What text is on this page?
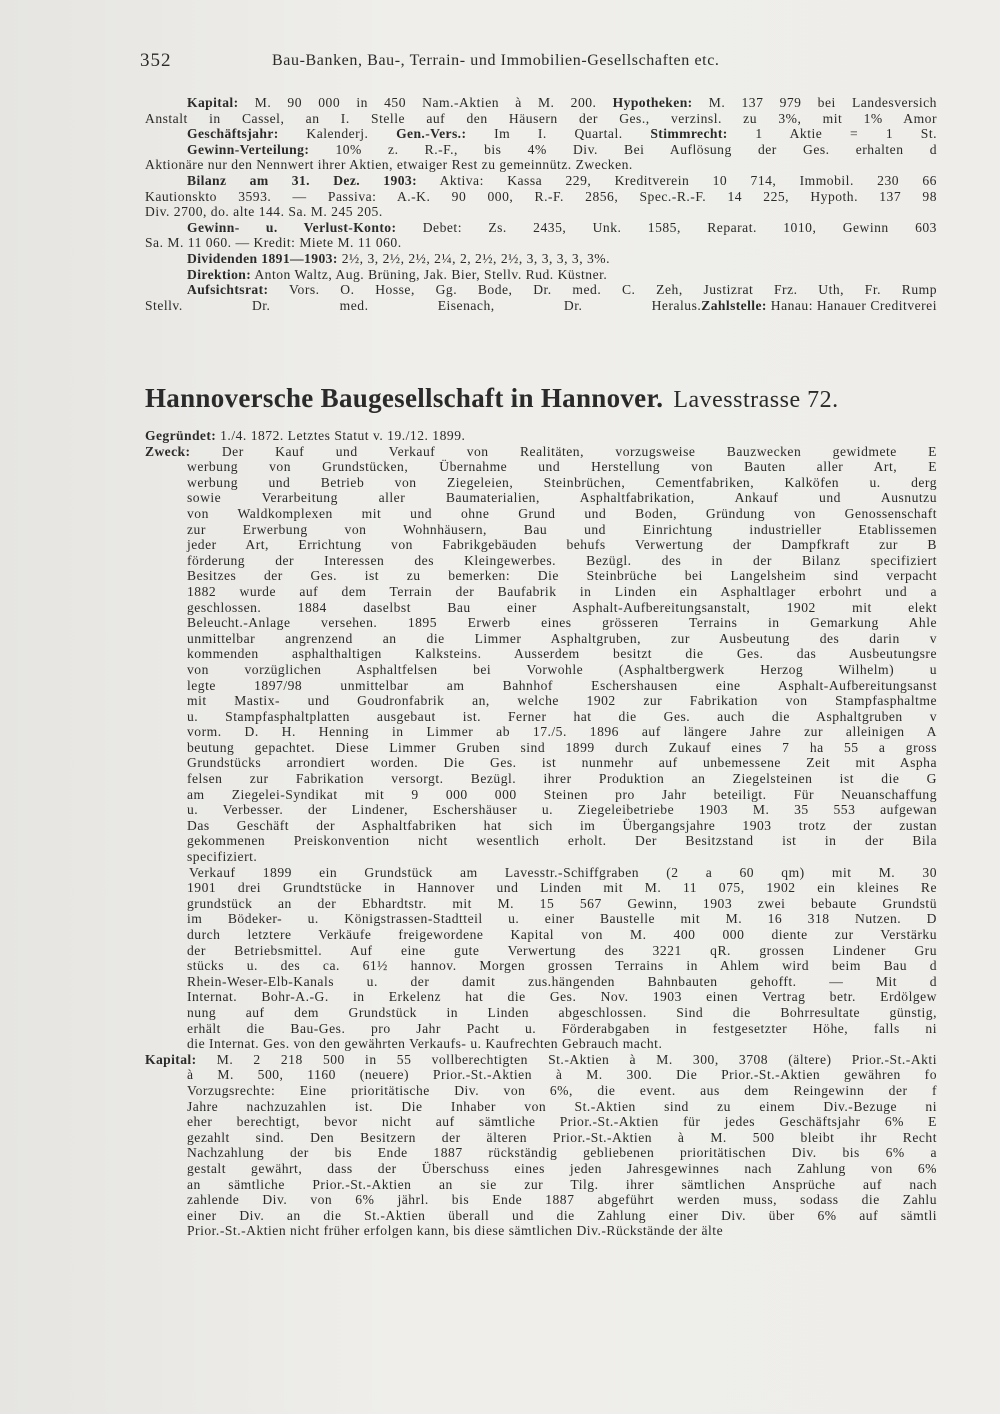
352	Bau-Banken, Bau-, Terrain- und Immobilien-Gesellschaften etc.
Kapital: M. 90 000 in 450 Nam.-Aktien à M. 200. Hypotheken: M. 137 979 bei Landesversich
Anstalt in Cassel, an I. Stelle auf den Häusern der Ges., verzinsl. zu 3%, mit 1% Amor
Geschäftsjahr: Kalenderj. Gen.-Vers.: Im I. Quartal. Stimmrecht: 1 Aktie = 1 St.
Gewinn-Verteilung: 10% z. R.-F., bis 4% Div. Bei Auflösung der Ges. erhalten d
Aktionäre nur den Nennwert ihrer Aktien, etwaiger Rest zu gemeinnütz. Zwecken.
Bilanz am 31. Dez. 1903: Aktiva: Kassa 229, Kreditverein 10 714, Immobil. 230 66
Kautionskto 3593. — Passiva: A.-K. 90 000, R.-F. 2856, Spec.-R.-F. 14 225, Hypoth. 137 98
Div. 2700, do. alte 144. Sa. M. 245 205.
Gewinn- u. Verlust-Konto: Debet: Zs. 2435, Unk. 1585, Reparat. 1010, Gewinn 603
Sa. M. 11 060. — Kredit: Miete M. 11 060.
Dividenden 1891—1903: 2½, 3, 2½, 2½, 2¼, 2, 2½, 2½, 3, 3, 3, 3, 3%.
Direktion: Anton Waltz, Aug. Brüning, Jak. Bier, Stellv. Rud. Küstner.
Aufsichtsrat: Vors. O. Hosse, Gg. Bode, Dr. med. C. Zeh, Justizrat Frz. Uth, Fr. Rump
Stellv. Dr. med. Eisenach, Dr. Heralus. Zahlstelle: Hanau: Hanauer Creditverei
Hannoversche Baugesellschaft in Hannover. Lavesstrasse 72.
Gegründet: 1./4. 1872. Letztes Statut v. 19./12. 1899.
Zweck: Der Kauf und Verkauf von Realitäten, vorzugsweise Bauzwecken gewidmete E
werbung von Grundstücken, Übernahme und Herstellung von Bauten aller Art, E
werbung und Betrieb von Ziegeleien, Steinbrüchen, Cementfabriken, Kalköfen u. derg
sowie Verarbeitung aller Baumaterialien, Asphaltfabrikation, Ankauf und Ausnutzu
von Waldkomplexen mit und ohne Grund und Boden, Gründung von Genossenschaft
zur Erwerbung von Wohnhäusern, Bau und Einrichtung industrieller Etablissemen
jeder Art, Errichtung von Fabrikgebäuden behufs Verwertung der Dampfkraft zur B
förderung der Interessen des Kleingewerbes. Bezügl. des in der Bilanz specifiziert
Besitzes der Ges. ist zu bemerken: Die Steinbrüche bei Langelsheim sind verpacht
1882 wurde auf dem Terrain der Baufabrik in Linden ein Asphaltlager erbohrt und a
geschlossen. 1884 daselbst Bau einer Asphalt-Aufbereitungsanstalt, 1902 mit elekt
Beleucht.-Anlage versehen. 1895 Erwerb eines grösseren Terrains in Gemarkung Ahle
unmittelbar angrenzend an die Limmer Asphaltgruben, zur Ausbeutung des darin v
kommenden asphalthaltigen Kalksteins. Ausserdem besitzt die Ges. das Ausbeutungsre
von vorzüglichen Asphaltfelsen bei Vorwohle (Asphaltbergwerk Herzog Wilhelm) u
legte 1897/98 unmittelbar am Bahnhof Eschershausen eine Asphalt-Aufbereitungsanst
mit Mastix- und Goudronfabrik an, welche 1902 zur Fabrikation von Stampfasphaltme
u. Stampfasphaltplatten ausgebaut ist. Ferner hat die Ges. auch die Asphaltgruben v
vorm. D. H. Henning in Limmer ab 17./5. 1896 auf längere Jahre zur alleinigen A
beutung gepachtet. Diese Limmer Gruben sind 1899 durch Zukauf eines 7 ha 55 a gross
Grundstücks arrondiert worden. Die Ges. ist nunmehr auf unbemessene Zeit mit Aspha
felsen zur Fabrikation versorgt. Bezügl. ihrer Produktion an Ziegelsteinen ist die G
am Ziegelei-Syndikat mit 9 000 000 Steinen pro Jahr beteiligt. Für Neuanschaffung
u. Verbesser. der Lindener, Eschershäuser u. Ziegeleibetriebe 1903 M. 35 553 aufgewan
Das Geschäft der Asphaltfabriken hat sich im Übergangsjahre 1903 trotz der zustan
gekommenen Preiskonvention nicht wesentlich erholt. Der Besitzstand ist in der Bila
specifiziert.
Verkauf 1899 ein Grundstück am Lavesstr.-Schiffgraben (2 a 60 qm) mit M. 30
1901 drei Grundtstücke in Hannover und Linden mit M. 11 075, 1902 ein kleines Re
grundstück an der Ebhardtstr. mit M. 15 567 Gewinn, 1903 zwei bebaute Grundstü
im Bödeker- u. Königstrassen-Stadtteil u. einer Baustelle mit M. 16 318 Nutzen. D
durch letztere Verkäufe freigewordene Kapital von M. 400 000 diente zur Verstärku
der Betriebsmittel. Auf eine gute Verwertung des 3221 qR. grossen Lindener Gru
stücks u. des ca. 61½ hannov. Morgen grossen Terrains in Ahlem wird beim Bau d
Rhein-Weser-Elb-Kanals u. der damit zus.hängenden Bahnbauten gehofft. — Mit d
Internat. Bohr-A.-G. in Erkelenz hat die Ges. Nov. 1903 einen Vertrag betr. Erdölgew
nung auf dem Grundstück in Linden abgeschlossen. Sind die Bohrresultate günstig,
erhält die Bau-Ges. pro Jahr Pacht u. Förderabgaben in festgesetzter Höhe, falls ni
die Internat. Ges. von den gewährten Verkaufs- u. Kaufrechten Gebrauch macht.
Kapital: M. 2 218 500 in 55 vollberechtigten St.-Aktien à M. 300, 3708 (ältere) Prior.-St.-Akti
à M. 500, 1160 (neuere) Prior.-St.-Aktien à M. 300. Die Prior.-St.-Aktien gewähren fo
Vorzugsrechte: Eine prioritätische Div. von 6%, die event. aus dem Reingewinn der f
Jahre nachzuzahlen ist. Die Inhaber von St.-Aktien sind zu einem Div.-Bezuge ni
eher berechtigt, bevor nicht auf sämtliche Prior.-St.-Aktien für jedes Geschäftsjahr 6% E
gezahlt sind. Den Besitzern der älteren Prior.-St.-Aktien à M. 500 bleibt ihr Recht
Nachzahlung der bis Ende 1887 rückständig gebliebenen prioritätischen Div. bis 6% a
gestalt gewährt, dass der Überschuss eines jeden Jahresgewinnes nach Zahlung von 6%
an sämtliche Prior.-St.-Aktien an sie zur Tilg. ihrer sämtlichen Ansprüche auf nach
zahlende Div. von 6% jährl. bis Ende 1887 abgeführt werden muss, sodass die Zahlu
einer Div. an die St.-Aktien überall und die Zahlung einer Div. über 6% auf sämtli
Prior.-St.-Aktien nicht früher erfolgen kann, bis diese sämtlichen Div.-Rückstände der älte
